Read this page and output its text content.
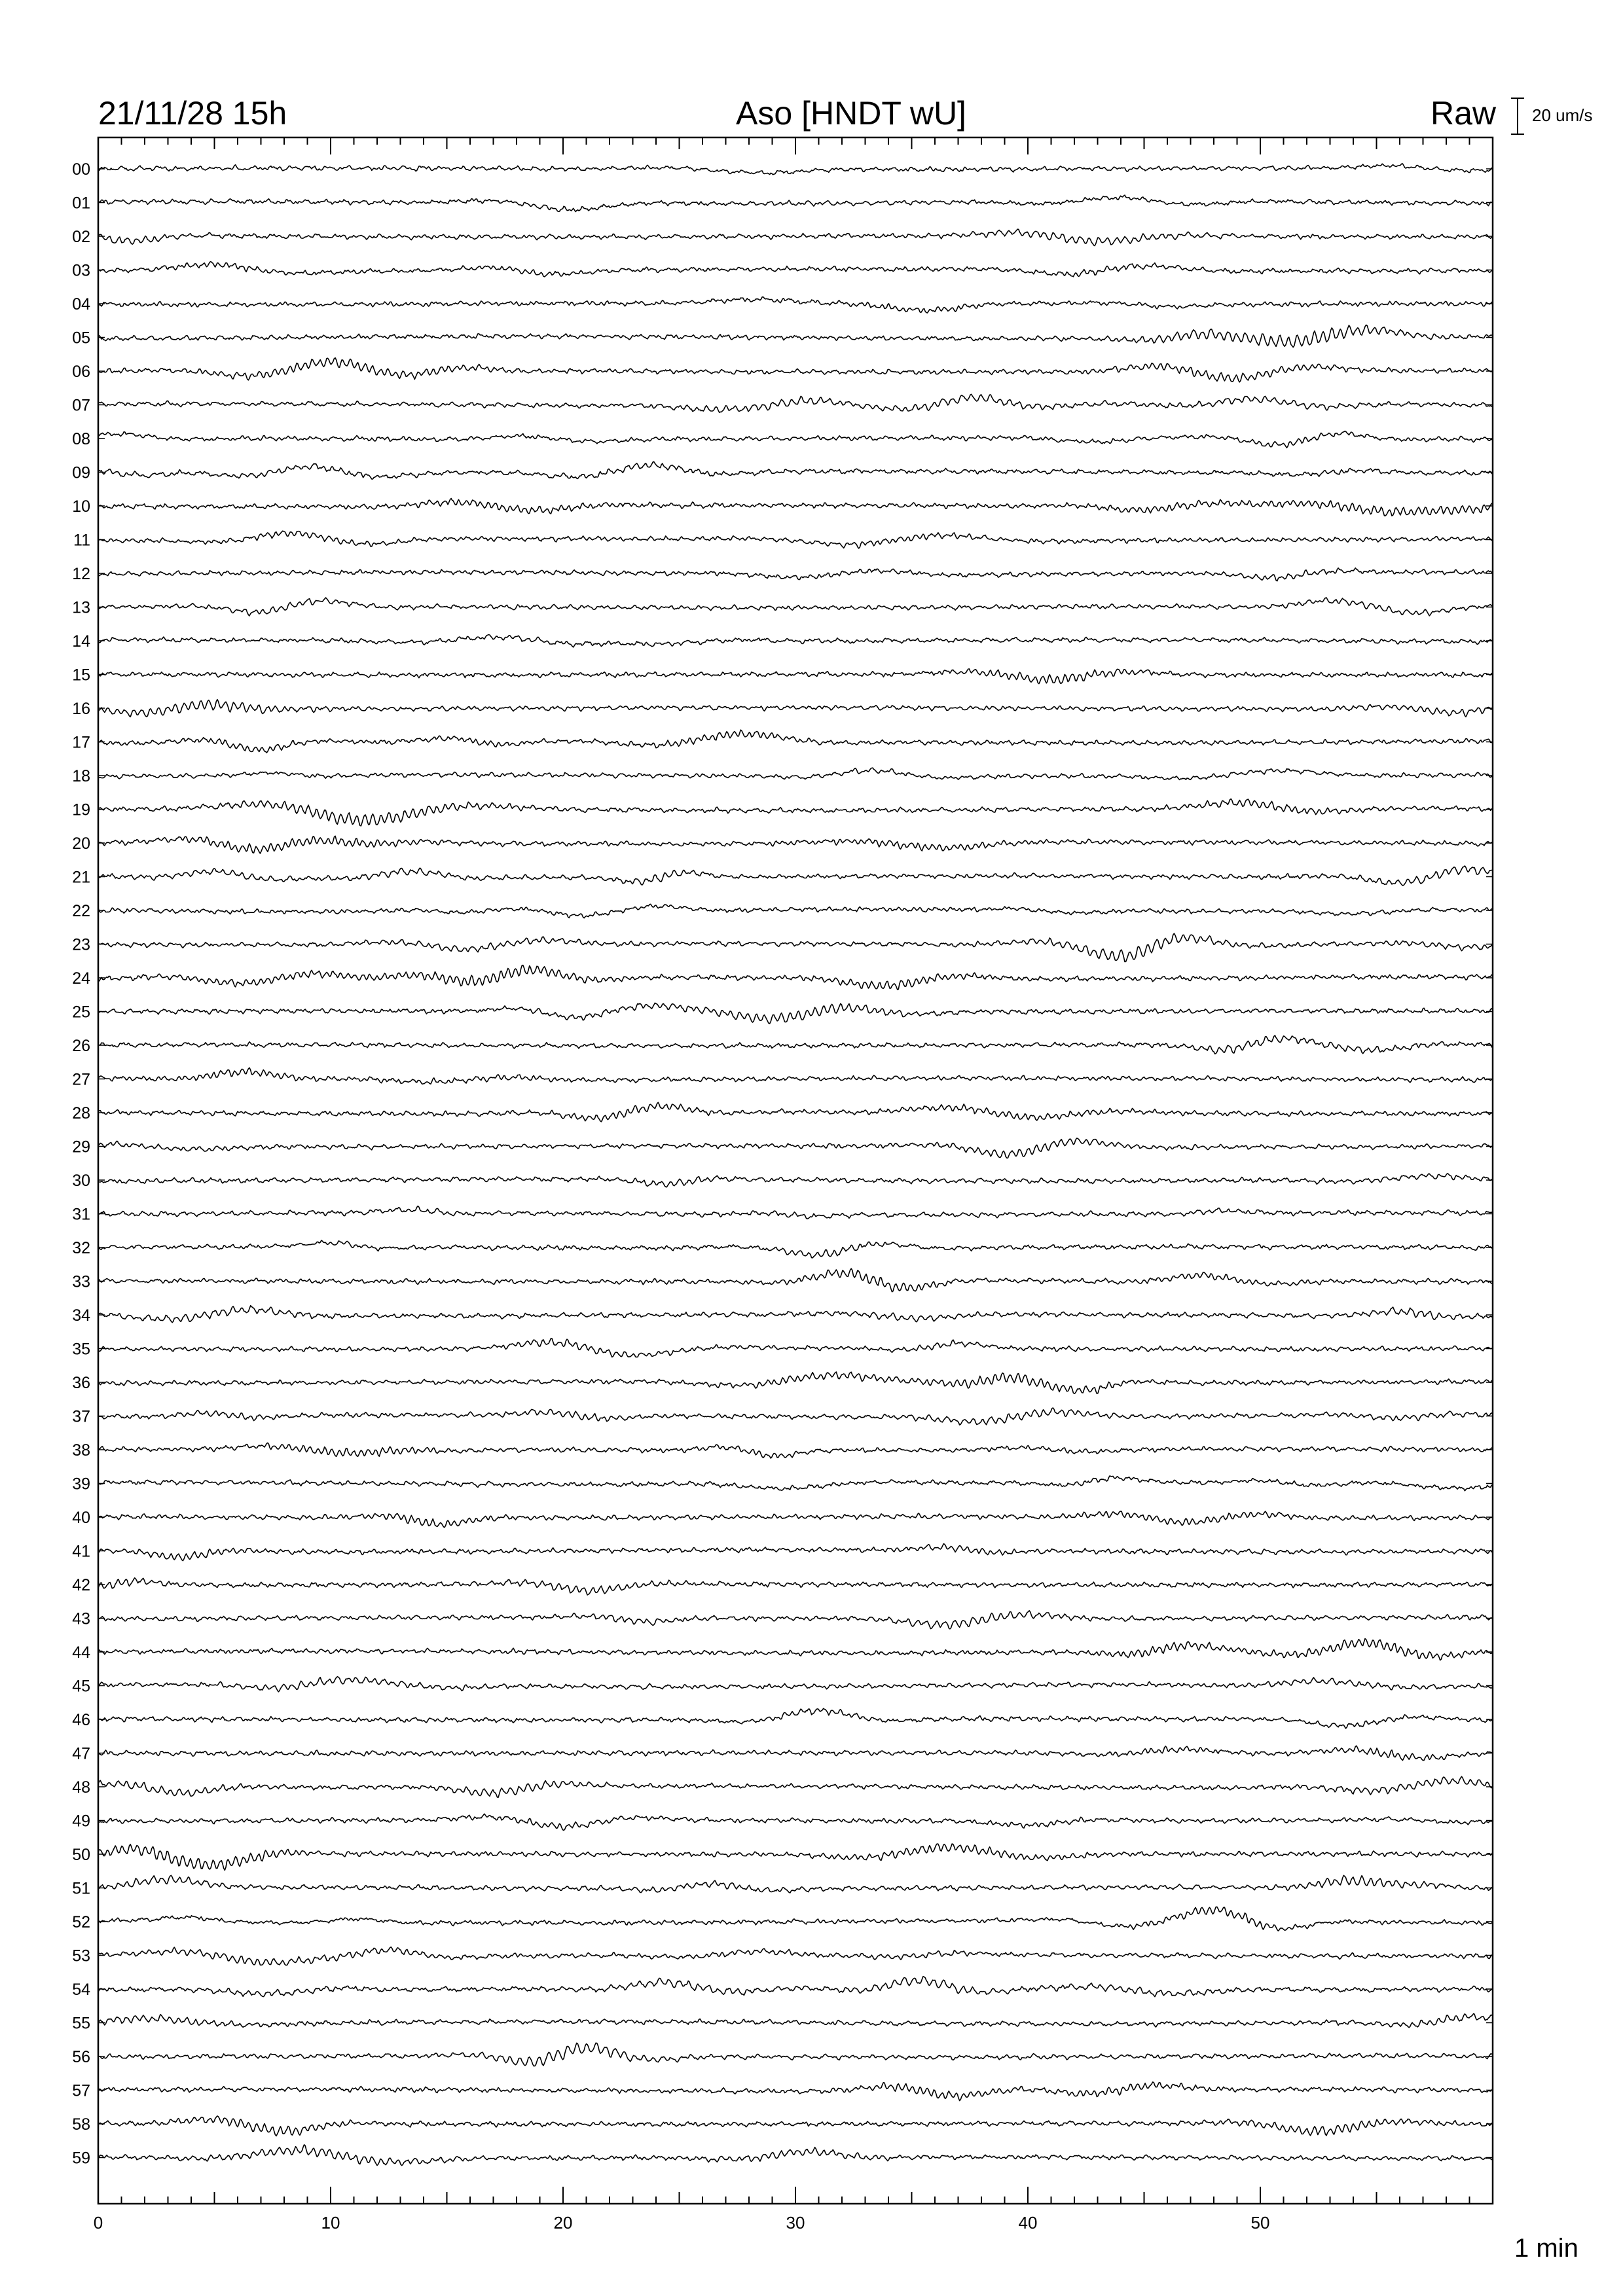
21/11/28 15h	Aso [HNDT wU]	Raw 20 um/s
00
01
02
03
04
05
06
07
08
09
10
11
12
13
14
15
16
17
18
19
20
21
22
23
24
25
26
27
28
29
30
31
32
33
34
35
36
37
38
39
40
41
42
43
44
45
46
47
48
49
50
51
52
53
54
55
56
57
58
59
0	10	20	30	40	50
1 min
